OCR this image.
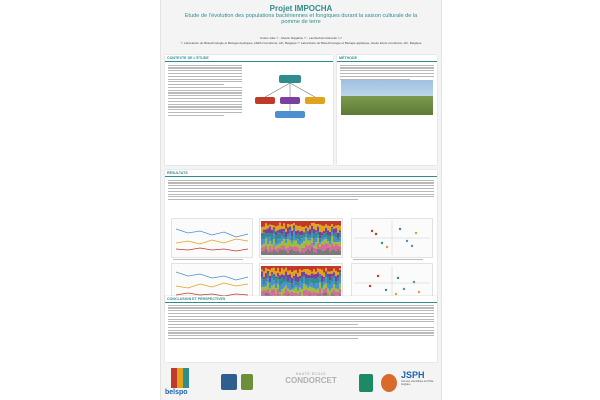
Projet IMPOCHA
Etude de l’évolution des populations bactériennes et fongiques durant la saison culturale de la pomme de terre
Krolès Julie ⁽¹⁾ , Moulin Magaline ⁽²⁾ , Lamberbois Deborah ⁽¹,²⁾
⁽¹⁾ Laboratoire de Biotechnologie et Biologie Appliquée, HEPH Condorcet, Ath, Belgique ⁽²⁾ Laboratoire de Biotechnologie et Biologie appliquée, Haute Ecole Condorcet, Ath, Belgique
CONTEXTE DE L’ÉTUDE	MÉTHODE
RÉSULTATS
CONCLUSION ET PERSPECTIVES
belspo
HAUTE ECOLE
CONDORCET
JSPH
Journée scientifique du Phila-belgique
